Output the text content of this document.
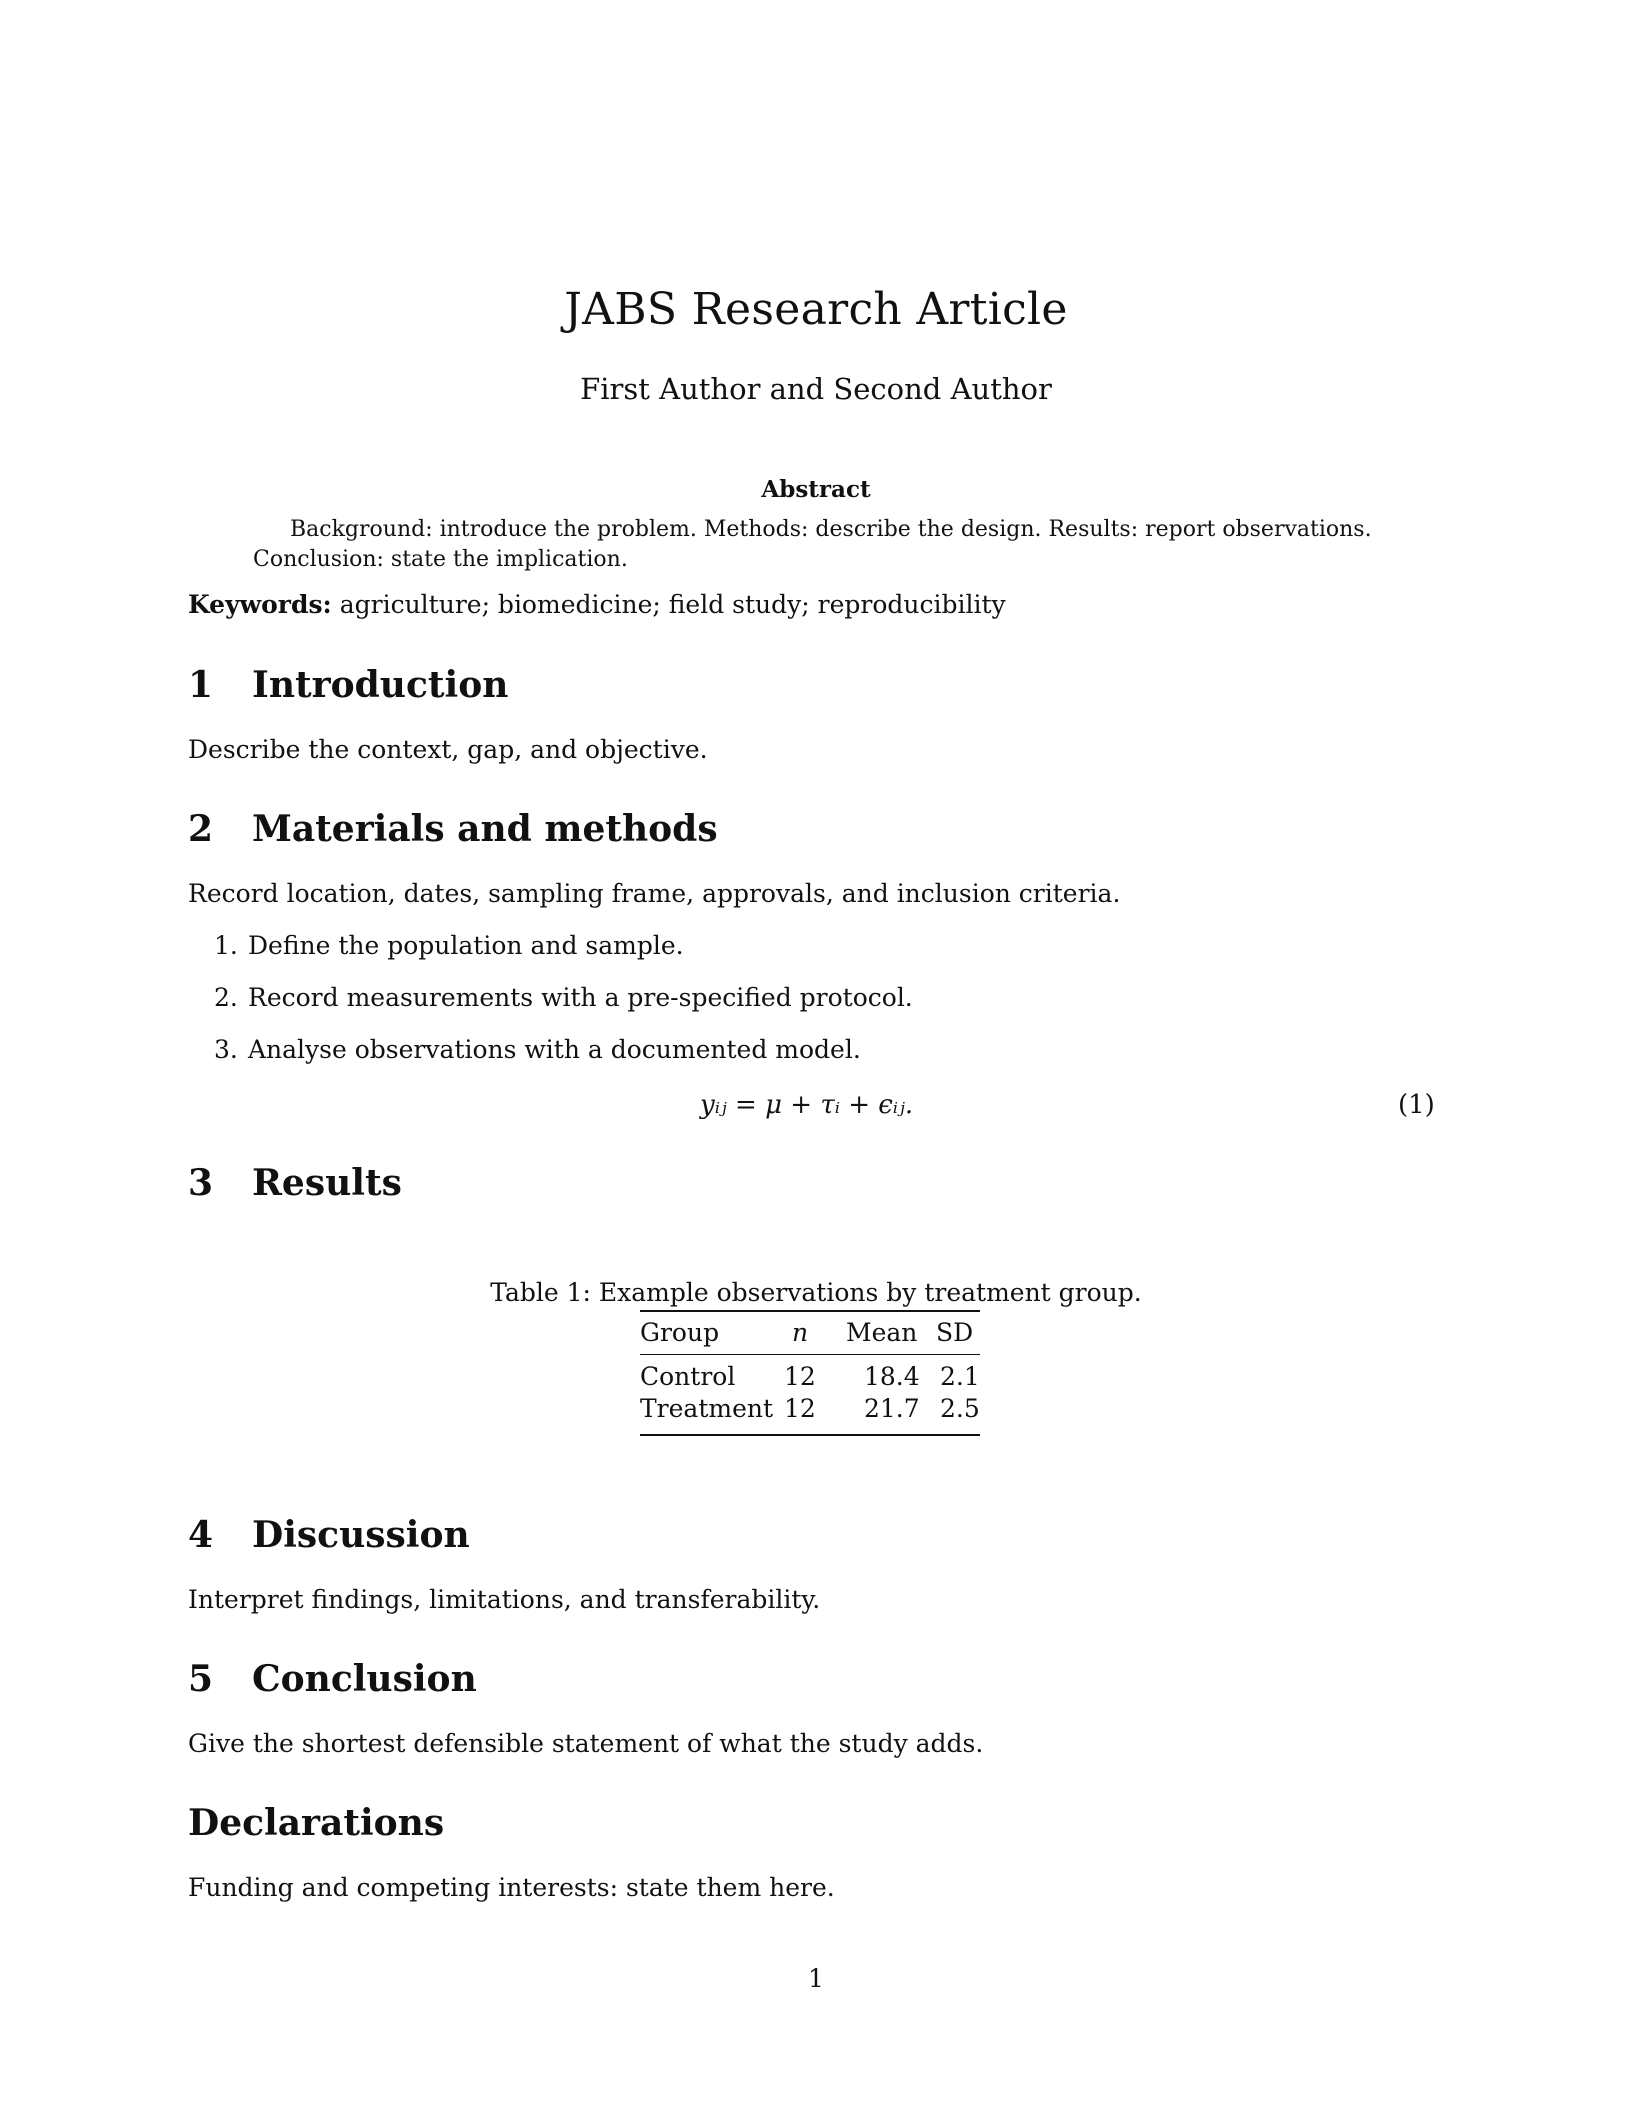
JABS Research Article
First Author and Second Author
Abstract
Background: introduce the problem. Methods: describe the design. Results: report observations.
Conclusion: state the implication.
Keywords: agriculture; biomedicine; field study; reproducibility
1 Introduction
Describe the context, gap, and objective.
2 Materials and methods
Record location, dates, sampling frame, approvals, and inclusion criteria.
1. Define the population and sample.
2. Record measurements with a pre-specified protocol.
3. Analyse observations with a documented model.
yᵢⱼ = μ + τᵢ + ϵᵢⱼ.	(1)
3 Results
Table 1: Example observations by treatment group.
Group	n Mean SD
Control 12 18.4 2.1
Treatment 12 21.7 2.5
4 Discussion
Interpret findings, limitations, and transferability.
5 Conclusion
Give the shortest defensible statement of what the study adds.
Declarations
Funding and competing interests: state them here.
1
